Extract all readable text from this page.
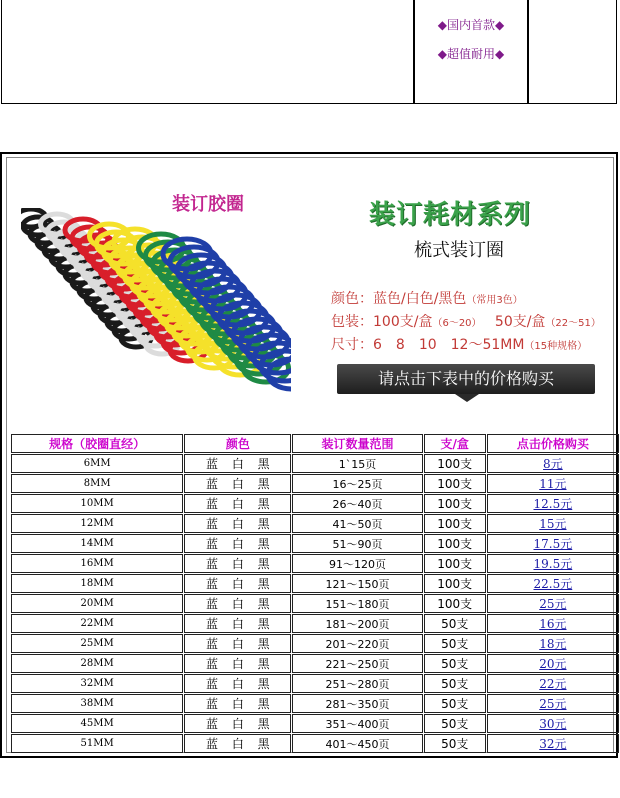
◆国内首款◆
◆超值耐用◆
装订胶圈	装订耗材系列
梳式装订圈
颜色：蓝色/白色/黑色（常用3色）
包装：100支/盒（6～20） 50支/盒（22～51）
尺寸：6　8　10　12～51MM（15种规格）
请点击下表中的价格购买
规格（胶圈直经）	颜色	装订数量范围	支/盒	点击价格购买
6MM	蓝 白 黑	1`15页	100支	8元
8MM	蓝 白 黑	16～25页	100支	11元
10MM	蓝 白 黑	26～40页	100支	12.5元
12MM	蓝 白 黑	41～50页	100支	15元
14MM	蓝 白 黑	51～90页	100支	17.5元
16MM	蓝 白 黑	91～120页	100支	19.5元
18MM	蓝 白 黑	121～150页	100支	22.5元
20MM	蓝 白 黑	151～180页	100支	25元
22MM	蓝 白 黑	181～200页	50支	16元
25MM	蓝 白 黑	201～220页	50支	18元
28MM	蓝 白 黑	221～250页	50支	20元
32MM	蓝 白 黑	251～280页	50支	22元
38MM	蓝 白 黑	281～350页	50支	25元
45MM	蓝 白 黑	351～400页	50支	30元
51MM	蓝 白 黑	401～450页	50支	32元
